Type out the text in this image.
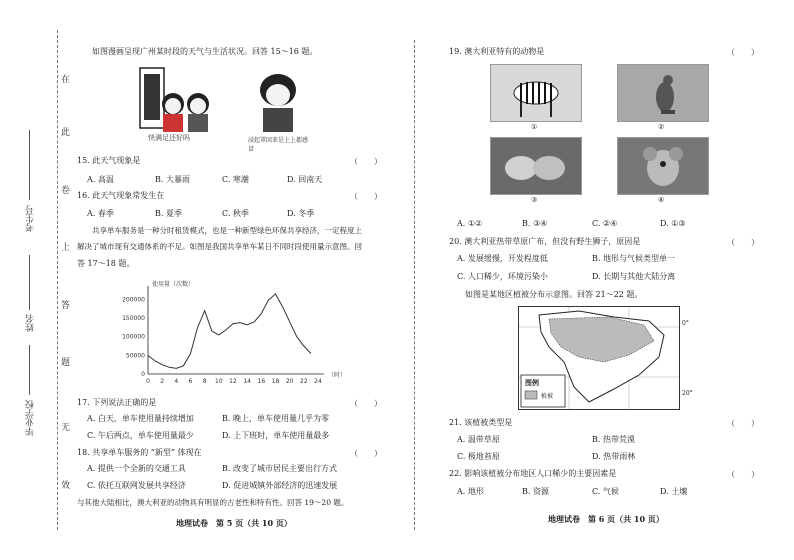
在
此
卷
上
答
题
无
效
考生号
姓名
毕业学校
如图漫画呈现广州某时段的天气与生活状况。回答 15～16 题。
快满足还好吗	浸起罩回来是上上都感冒
15. 此天气现象是	（　　）
A. 高温	B. 大暴雨	C. 寒潮	D. 回南天
16. 此天气现象常发生在	（　　）
A. 春季	B. 夏季	C. 秋季	D. 冬季
共享单车服务是一种分时租赁模式，也是一种新型绿色环保共享经济，一定程度上
解决了城市现有交通体系的不足。如图是我国共享单车某日不同时段使用量示意图。回
答 17～18 题。
使用量（次数）
（时）
0
50000
100000
150000
200000
0 2 4 6 8 10 12 14 16 18 20 22 24
17. 下列说法正确的是	（　　）
A. 白天，单车使用量持续增加	B. 晚上，单车使用量几乎为零
C. 午后两点，单车使用量最少	D. 上下班时，单车使用量最多
18. 共享单车服务的 “新型” 体现在	（　　）
A. 提供一个全新的交通工具	B. 改变了城市居民主要出行方式
C. 依托互联网发展共享经济	D. 促进城镇外部经济的迅速发展
与其他大陆相比，澳大利亚的动物具有明显的古老性和特有性。回答 19～20 题。
地理试卷　第 5 页（共 10 页）
19. 澳大利亚特有的动物是	（　　）
①	②
③	④
A. ①②	B. ③④	C. ②④	D. ①③
20. 澳大利亚热带草原广布，但没有野生狮子，原因是	（　　）
A. 发展缓慢，开发程度低	B. 地形与气候类型单一
C. 人口稀少，环境污染小	D. 长期与其他大陆分离
如图是某地区植被分布示意图。回答 21～22 题。
图例
植被
0°
20°
21. 该植被类型是	（　　）
A. 温带草原	B. 热带荒漠
C. 极地苔原	D. 热带雨林
22. 影响该植被分布地区人口稀少的主要因素是	（　　）
A. 地形	B. 资源	C. 气候	D. 土壤
地理试卷　第 6 页（共 10 页）
